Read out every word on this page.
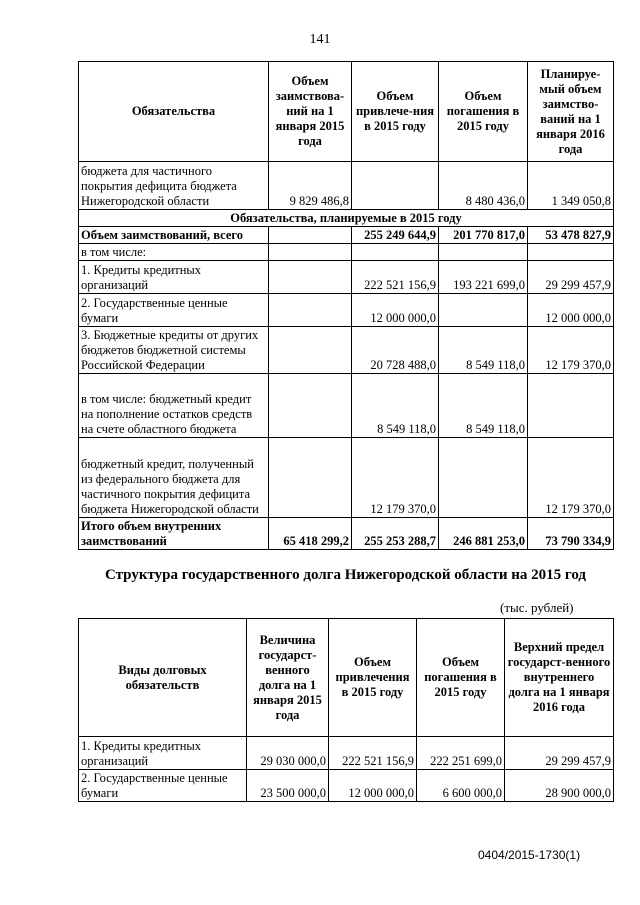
141
Обязательства	Объем заимствова-ний на 1 января 2015 года	Объем привлече-ния в 2015 году	Объем погашения в 2015 году	Планируе-мый объем заимство-ваний на 1 января 2016 года
бюджета для частичного покрытия дефицита бюджета Нижегородской области	9 829 486,8		8 480 436,0	1 349 050,8
Обязательства, планируемые в 2015 году				
Объем заимствований, всего		255 249 644,9	201 770 817,0	53 478 827,9
в том числе:				
1. Кредиты кредитных организаций		222 521 156,9	193 221 699,0	29 299 457,9
2. Государственные ценные бумаги		12 000 000,0		12 000 000,0
3. Бюджетные кредиты от других бюджетов бюджетной системы Российской Федерации		20 728 488,0	8 549 118,0	12 179 370,0
в том числе: бюджетный кредит на пополнение остатков средств на счете областного бюджета		8 549 118,0	8 549 118,0	
бюджетный кредит, полученный из федерального бюджета для частичного покрытия дефицита бюджета Нижегородской области		12 179 370,0		12 179 370,0
Итого объем внутренних заимствований	65 418 299,2	255 253 288,7	246 881 253,0	73 790 334,9
Структура государственного долга Нижегородской области на 2015 год
(тыс. рублей)
Виды долговых обязательств	Величина государст-венного долга на 1 января 2015 года	Объем привлечения в 2015 году	Объем погашения в 2015 году	Верхний предел государст-венного внутреннего долга на 1 января 2016 года
1. Кредиты кредитных организаций	29 030 000,0	222 521 156,9	222 251 699,0	29 299 457,9
2. Государственные ценные бумаги	23 500 000,0	12 000 000,0	6 600 000,0	28 900 000,0
0404/2015-1730(1)
